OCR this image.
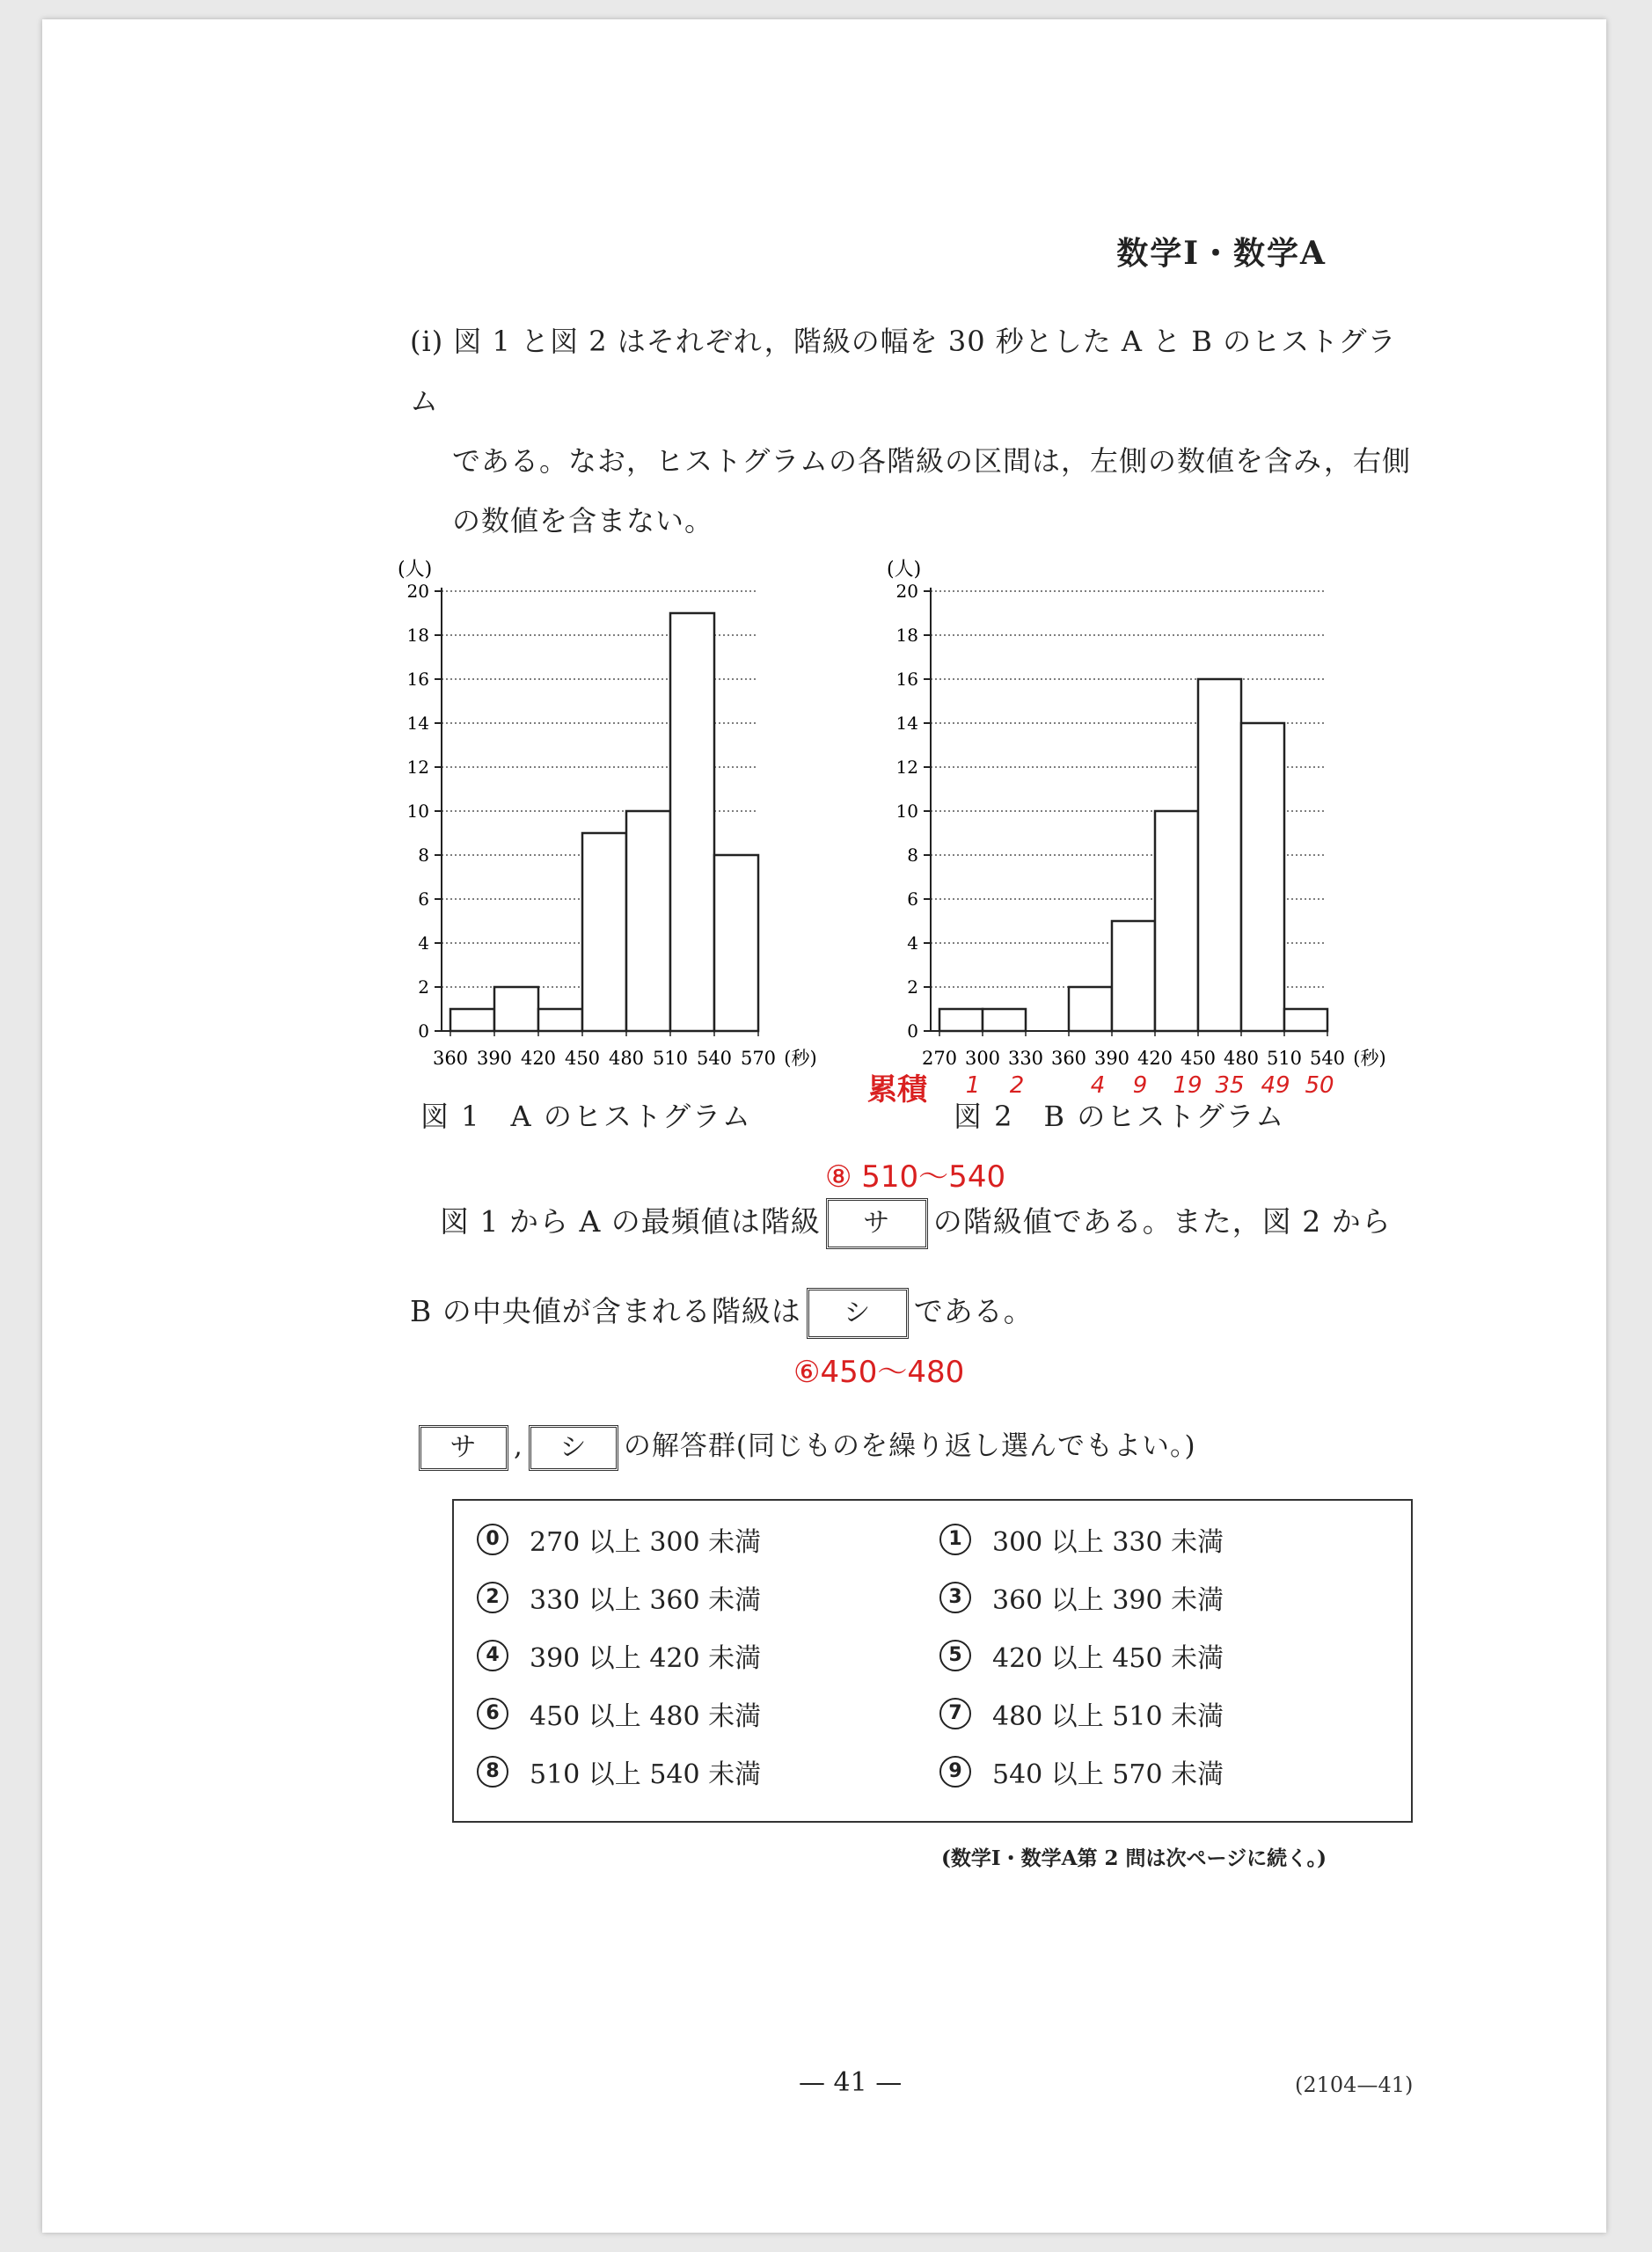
数学Ⅰ・数学A
(i) 図 1 と図 2 はそれぞれ，階級の幅を 30 秒とした A と B のヒストグラム
である。なお，ヒストグラムの各階級の区間は，左側の数値を含み，右側
の数値を含まない。
(人)
0
2
4
6
8
10
12
14
16
18
20
360 390 420 450 480 510 540 570 (秒)
図 1　A のヒストグラム
(人)
0
2
4
6
8
10
12
14
16
18
20
270 300 330 360 390 420 450 480 510 540 (秒)
累積 1 2	4 9 19 35 49 50
図 2　B のヒストグラム
⑧ 510～540
⑥450～480
図 1 から A の最頻値は階級 サ の階級値である。また，図 2 から
B の中央値が含まれる階級は シ である。
サ , シ の解答群(同じものを繰り返し選んでもよい。)
0	270 以上 300 未満	1	300 以上 330 未満
2	330 以上 360 未満	3	360 以上 390 未満
4	390 以上 420 未満	5	420 以上 450 未満
6	450 以上 480 未満	7	480 以上 510 未満
8	510 以上 540 未満	9	540 以上 570 未満
(数学Ⅰ・数学A第 2 問は次ページに続く。)
— 41 —	(2104—41)
